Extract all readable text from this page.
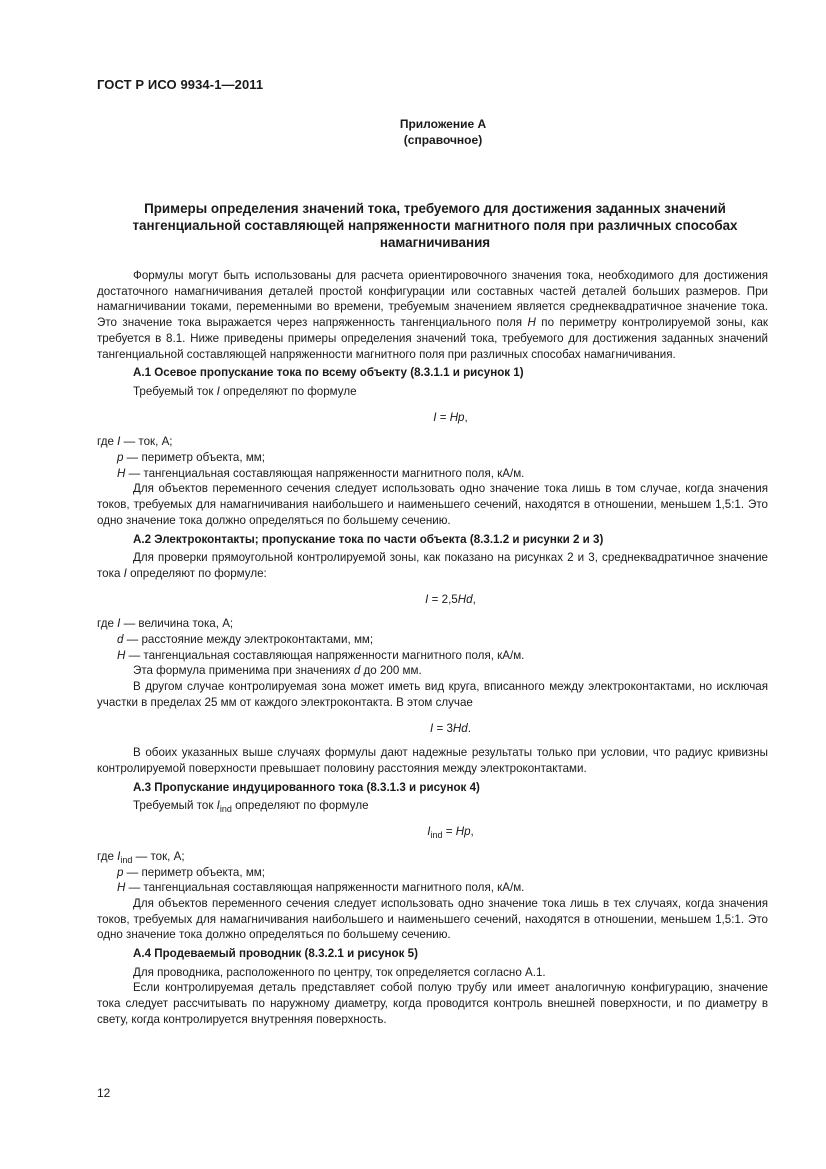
ГОСТ Р ИСО 9934-1—2011
Приложение А
(справочное)
Примеры определения значений тока, требуемого для достижения заданных значений тангенциальной составляющей напряженности магнитного поля при различных способах намагничивания

Формулы могут быть использованы для расчета ориентировочного значения тока, необходимого для достижения достаточного намагничивания деталей простой конфигурации или составных частей деталей больших размеров. При намагничивании токами, переменными во времени, требуемым значением является среднеквадратичное значение тока. Это значение тока выражается через напряженность тангенциального поля H по периметру контролируемой зоны, как требуется в 8.1. Ниже приведены примеры определения значений тока, требуемого для достижения заданных значений тангенциальной составляющей напряженности магнитного поля при различных способах намагничивания.

А.1 Осевое пропускание тока по всему объекту (8.3.1.1 и рисунок 1)

Требуемый ток I определяют по формуле

I = Hp,

где I — ток, А;

p — периметр объекта, мм;

H — тангенциальная составляющая напряженности магнитного поля, кА/м.

Для объектов переменного сечения следует использовать одно значение тока лишь в том случае, когда значения токов, требуемых для намагничивания наибольшего и наименьшего сечений, находятся в отношении, меньшем 1,5:1. Это одно значение тока должно определяться по большему сечению.

А.2 Электроконтакты; пропускание тока по части объекта (8.3.1.2 и рисунки 2 и 3)

Для проверки прямоугольной контролируемой зоны, как показано на рисунках 2 и 3, среднеквадратичное значение тока I определяют по формуле:

I = 2,5Hd,

где I — величина тока, А;

d — расстояние между электроконтактами, мм;

H — тангенциальная составляющая напряженности магнитного поля, кА/м.

Эта формула применима при значениях d до 200 мм.

В другом случае контролируемая зона может иметь вид круга, вписанного между электроконтактами, но исключая участки в пределах 25 мм от каждого электроконтакта. В этом случае

I = 3Hd.

В обоих указанных выше случаях формулы дают надежные результаты только при условии, что радиус кривизны контролируемой поверхности превышает половину расстояния между электроконтактами.

А.3 Пропускание индуцированного тока (8.3.1.3 и рисунок 4)

Требуемый ток $I_{ind}$ определяют по формуле

$I_{ind} = Hp$,

где $I_{ind}$ — ток, А;

p — периметр объекта, мм;

H — тангенциальная составляющая напряженности магнитного поля, кА/м.

Для объектов переменного сечения следует использовать одно значение тока лишь в тех случаях, когда значения токов, требуемых для намагничивания наибольшего и наименьшего сечений, находятся в отношении, меньшем 1,5:1. Это одно значение тока должно определяться по большему сечению.

А.4 Продеваемый проводник (8.3.2.1 и рисунок 5)

Для проводника, расположенного по центру, ток определяется согласно А.1.

Если контролируемая деталь представляет собой полую трубу или имеет аналогичную конфигурацию, значение тока следует рассчитывать по наружному диаметру, когда проводится контроль внешней поверхности, и по диаметру в свету, когда контролируется внутренняя поверхность.

12
